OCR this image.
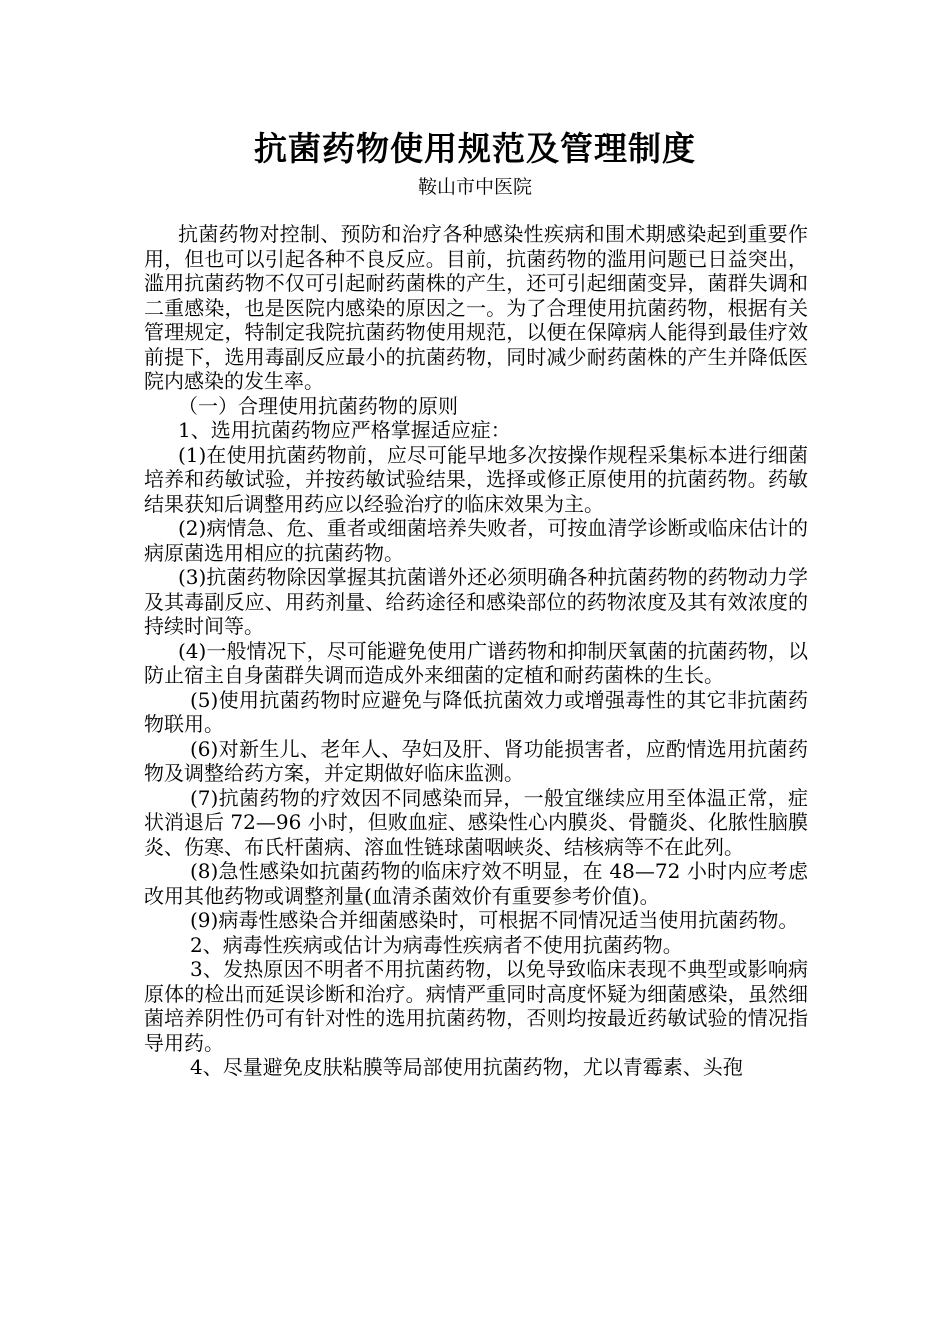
抗菌药物使用规范及管理制度
鞍山市中医院

抗菌药物对控制、预防和治疗各种感染性疾病和围术期感染起到重要作用，但也可以引起各种不良反应。目前，抗菌药物的滥用问题已日益突出，滥用抗菌药物不仅可引起耐药菌株的产生，还可引起细菌变异，菌群失调和二重感染，也是医院内感染的原因之一。为了合理使用抗菌药物，根据有关管理规定，特制定我院抗菌药物使用规范，以便在保障病人能得到最佳疗效前提下，选用毒副反应最小的抗菌药物，同时减少耐药菌株的产生并降低医院内感染的发生率。

（一）合理使用抗菌药物的原则

1、选用抗菌药物应严格掌握适应症：

(1)在使用抗菌药物前，应尽可能早地多次按操作规程采集标本进行细菌培养和药敏试验，并按药敏试验结果，选择或修正原使用的抗菌药物。药敏结果获知后调整用药应以经验治疗的临床效果为主。

(2)病情急、危、重者或细菌培养失败者，可按血清学诊断或临床估计的病原菌选用相应的抗菌药物。

(3)抗菌药物除因掌握其抗菌谱外还必须明确各种抗菌药物的药物动力学及其毒副反应、用药剂量、给药途径和感染部位的药物浓度及其有效浓度的持续时间等。

(4)一般情况下，尽可能避免使用广谱药物和抑制厌氧菌的抗菌药物，以防止宿主自身菌群失调而造成外来细菌的定植和耐药菌株的生长。

(5)使用抗菌药物时应避免与降低抗菌效力或增强毒性的其它非抗菌药物联用。

(6)对新生儿、老年人、孕妇及肝、肾功能损害者，应酌情选用抗菌药物及调整给药方案，并定期做好临床监测。

(7)抗菌药物的疗效因不同感染而异，一般宜继续应用至体温正常，症状消退后 72—96 小时，但败血症、感染性心内膜炎、骨髓炎、化脓性脑膜炎、伤寒、布氏杆菌病、溶血性链球菌咽峡炎、结核病等不在此列。

(8)急性感染如抗菌药物的临床疗效不明显，在 48—72 小时内应考虑改用其他药物或调整剂量(血清杀菌效价有重要参考价值)。

(9)病毒性感染合并细菌感染时，可根据不同情况适当使用抗菌药物。

2、病毒性疾病或估计为病毒性疾病者不使用抗菌药物。

3、发热原因不明者不用抗菌药物，以免导致临床表现不典型或影响病原体的检出而延误诊断和治疗。病情严重同时高度怀疑为细菌感染，虽然细菌培养阴性仍可有针对性的选用抗菌药物，否则均按最近药敏试验的情况指导用药。

4、尽量避免皮肤粘膜等局部使用抗菌药物，尤以青霉素、头孢
